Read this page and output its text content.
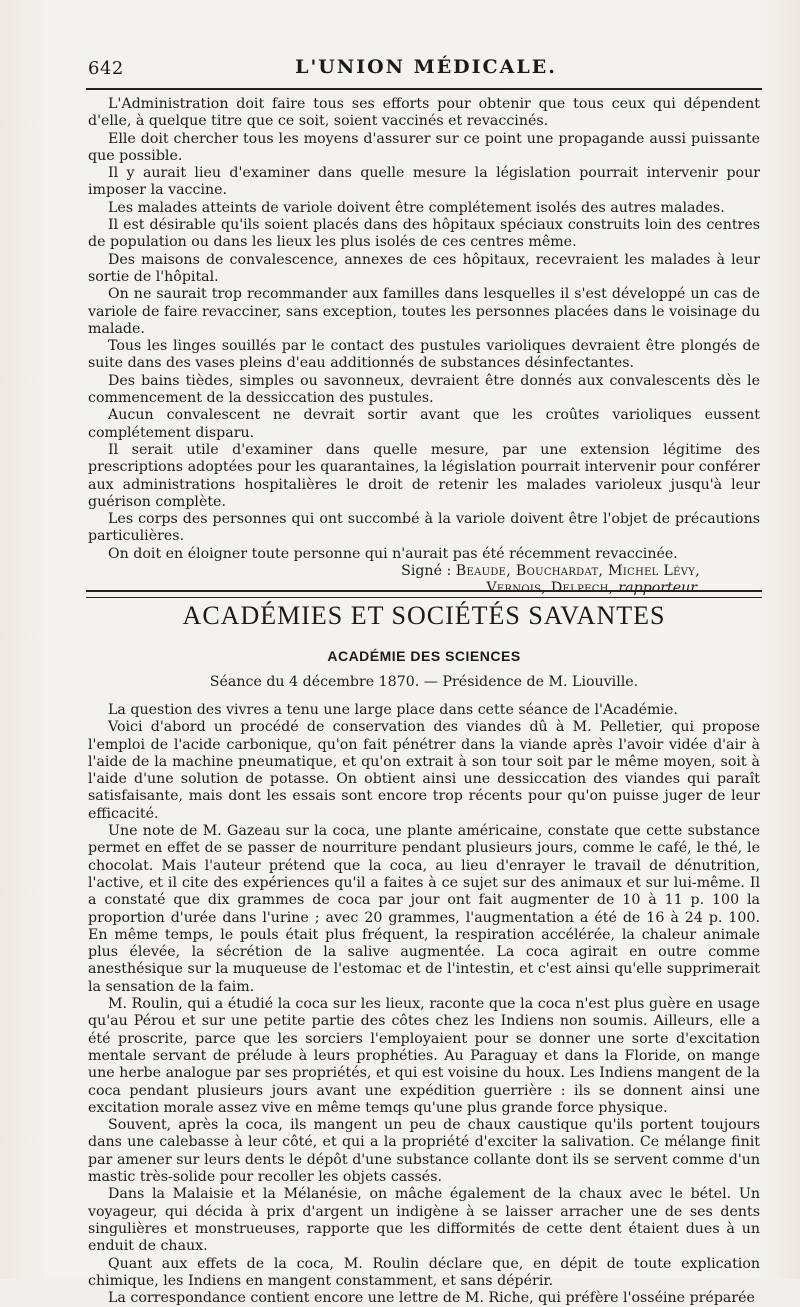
642	L'UNION MÉDICALE.

L'Administration doit faire tous ses efforts pour obtenir que tous ceux qui dépendent d'elle, à quelque titre que ce soit, soient vaccinés et revaccinés.

Elle doit chercher tous les moyens d'assurer sur ce point une propagande aussi puissante que possible.

Il y aurait lieu d'examiner dans quelle mesure la législation pourrait intervenir pour imposer la vaccine.

Les malades atteints de variole doivent être complétement isolés des autres malades.

Il est désirable qu'ils soient placés dans des hôpitaux spéciaux construits loin des centres de population ou dans les lieux les plus isolés de ces centres même.

Des maisons de convalescence, annexes de ces hôpitaux, recevraient les malades à leur sortie de l'hôpital.

On ne saurait trop recommander aux familles dans lesquelles il s'est développé un cas de variole de faire revacciner, sans exception, toutes les personnes placées dans le voisinage du malade.

Tous les linges souillés par le contact des pustules varioliques devraient être plongés de suite dans des vases pleins d'eau additionnés de substances désinfectantes.

Des bains tièdes, simples ou savonneux, devraient être donnés aux convalescents dès le commencement de la dessiccation des pustules.

Aucun convalescent ne devrait sortir avant que les croûtes varioliques eussent complétement disparu.

Il serait utile d'examiner dans quelle mesure, par une extension légitime des prescriptions adoptées pour les quarantaines, la législation pourrait intervenir pour conférer aux administrations hospitalières le droit de retenir les malades varioleux jusqu'à leur guérison complète.

Les corps des personnes qui ont succombé à la variole doivent être l'objet de précautions particulières.

On doit en éloigner toute personne qui n'aurait pas été récemment revaccinée.

Signé : Beaude, Bouchardat, Michel Lévy,

Vernois, Delpech, rapporteur.

ACADÉMIES ET SOCIÉTÉS SAVANTES
ACADÉMIE DES SCIENCES
Séance du 4 décembre 1870. — Présidence de M. Liouville.

La question des vivres a tenu une large place dans cette séance de l'Académie.

Voici d'abord un procédé de conservation des viandes dû à M. Pelletier, qui propose l'emploi de l'acide carbonique, qu'on fait pénétrer dans la viande après l'avoir vidée d'air à l'aide de la machine pneumatique, et qu'on extrait à son tour soit par le même moyen, soit à l'aide d'une solution de potasse. On obtient ainsi une dessiccation des viandes qui paraît satisfaisante, mais dont les essais sont encore trop récents pour qu'on puisse juger de leur efficacité.

Une note de M. Gazeau sur la coca, une plante américaine, constate que cette substance permet en effet de se passer de nourriture pendant plusieurs jours, comme le café, le thé, le chocolat. Mais l'auteur prétend que la coca, au lieu d'enrayer le travail de dénutrition, l'active, et il cite des expériences qu'il a faites à ce sujet sur des animaux et sur lui-même. Il a constaté que dix grammes de coca par jour ont fait augmenter de 10 à 11 p. 100 la proportion d'urée dans l'urine ; avec 20 grammes, l'augmentation a été de 16 à 24 p. 100. En même temps, le pouls était plus fréquent, la respiration accélérée, la chaleur animale plus élevée, la sécrétion de la salive augmentée. La coca agirait en outre comme anesthésique sur la muqueuse de l'estomac et de l'intestin, et c'est ainsi qu'elle supprimerait la sensation de la faim.

M. Roulin, qui a étudié la coca sur les lieux, raconte que la coca n'est plus guère en usage qu'au Pérou et sur une petite partie des côtes chez les Indiens non soumis. Ailleurs, elle a été proscrite, parce que les sorciers l'employaient pour se donner une sorte d'excitation mentale servant de prélude à leurs prophéties. Au Paraguay et dans la Floride, on mange une herbe analogue par ses propriétés, et qui est voisine du houx. Les Indiens mangent de la coca pendant plusieurs jours avant une expédition guerrière : ils se donnent ainsi une excitation morale assez vive en même temqs qu'une plus grande force physique.

Souvent, après la coca, ils mangent un peu de chaux caustique qu'ils portent toujours dans une calebasse à leur côté, et qui a la propriété d'exciter la salivation. Ce mélange finit par amener sur leurs dents le dépôt d'une substance collante dont ils se servent comme d'un mastic très-solide pour recoller les objets cassés.

Dans la Malaisie et la Mélanésie, on mâche également de la chaux avec le bétel. Un voyageur, qui décida à prix d'argent un indigène à se laisser arracher une de ses dents singulières et monstrueuses, rapporte que les difformités de cette dent étaient dues à un enduit de chaux.

Quant aux effets de la coca, M. Roulin déclare que, en dépit de toute explication chimique, les Indiens en mangent constamment, et sans dépérir.

La correspondance contient encore une lettre de M. Riche, qui préfère l'osséine préparée
